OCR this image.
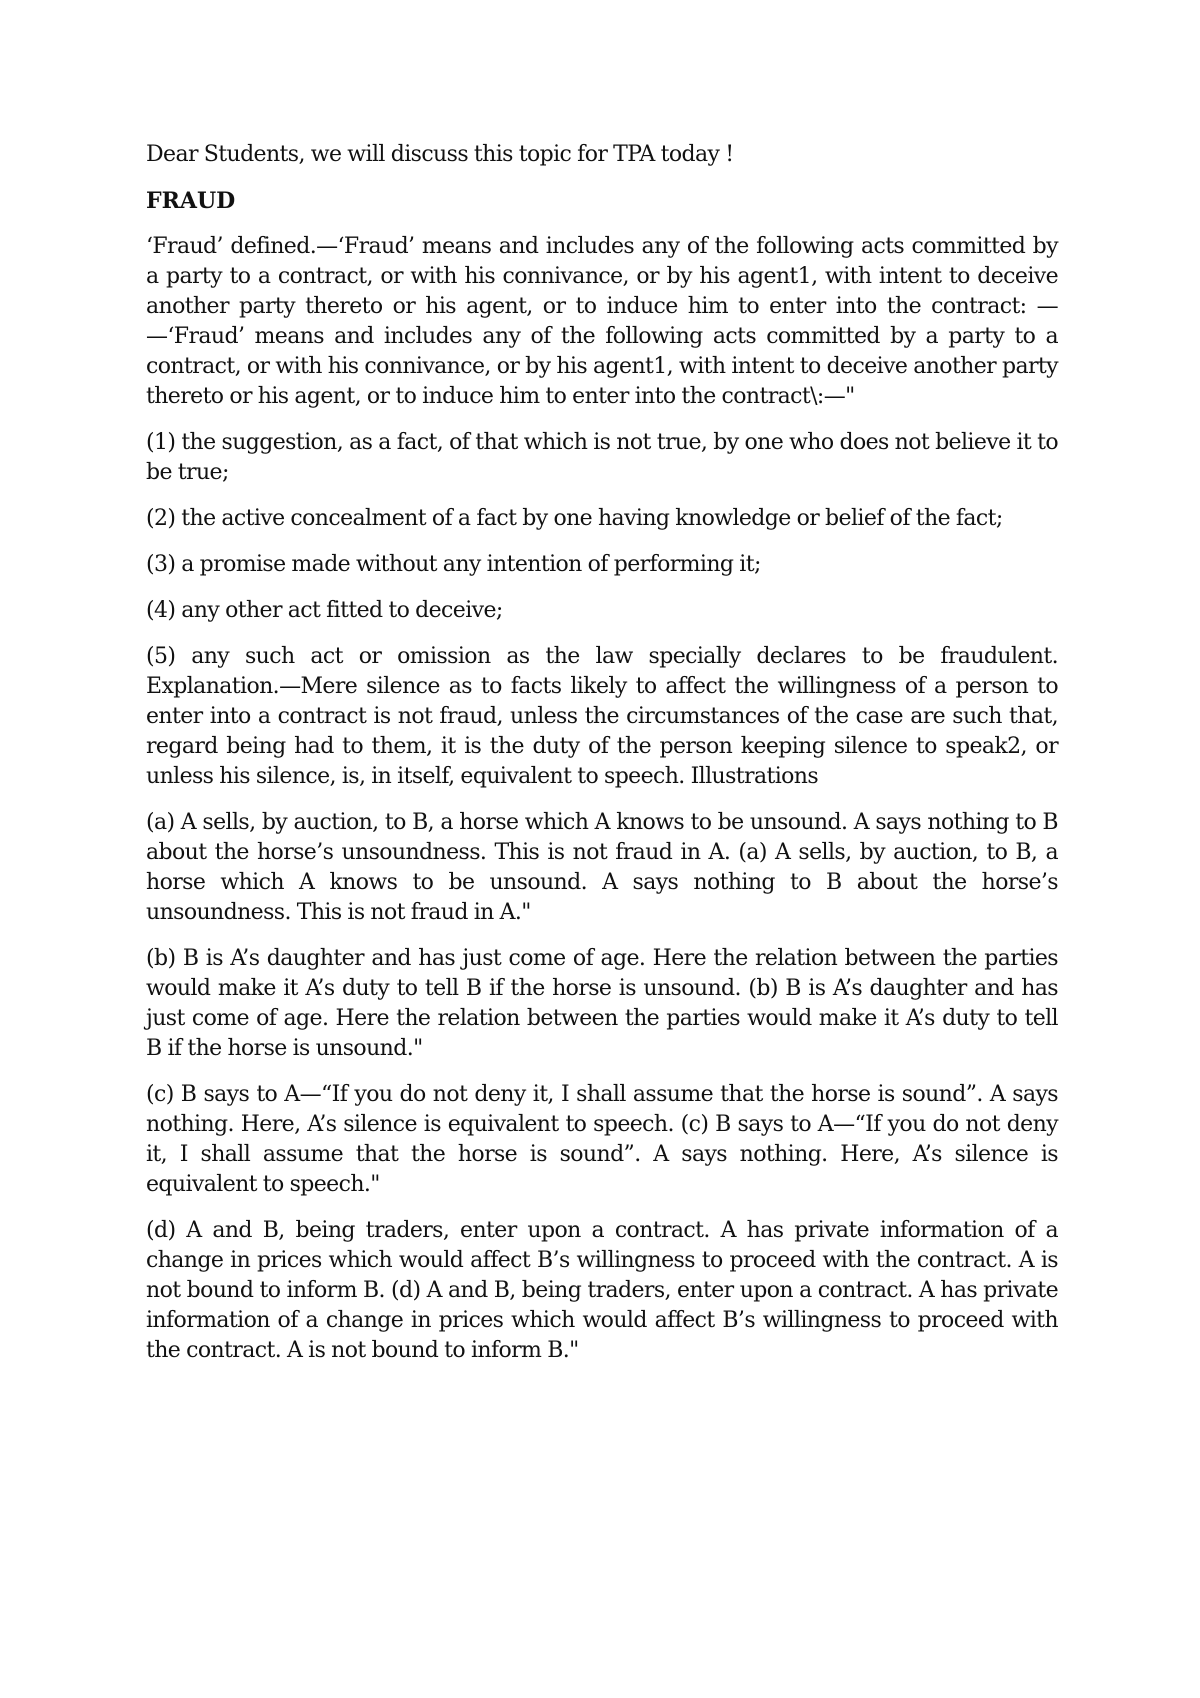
Dear Students, we will discuss this topic for TPA today !

FRAUD

‘Fraud’ defined.—‘Fraud’ means and includes any of the following acts committed by a party to a contract, or with his connivance, or by his agent1, with intent to deceive another party thereto or his agent, or to induce him to enter into the contract: — —‘Fraud’ means and includes any of the following acts committed by a party to a contract, or with his connivance, or by his agent1, with intent to deceive another party thereto or his agent, or to induce him to enter into the contract\:—"

(1) the suggestion, as a fact, of that which is not true, by one who does not believe it to be true;

(2) the active concealment of a fact by one having knowledge or belief of the fact;

(3) a promise made without any intention of performing it;

(4) any other act fitted to deceive;

(5) any such act or omission as the law specially declares to be fraudulent. Explanation.—Mere silence as to facts likely to affect the willingness of a person to enter into a contract is not fraud, unless the circumstances of the case are such that, regard being had to them, it is the duty of the person keeping silence to speak2, or unless his silence, is, in itself, equivalent to speech. Illustrations

(a) A sells, by auction, to B, a horse which A knows to be unsound. A says nothing to B about the horse’s unsoundness. This is not fraud in A. (a) A sells, by auction, to B, a horse which A knows to be unsound. A says nothing to B about the horse’s unsoundness. This is not fraud in A."

(b) B is A’s daughter and has just come of age. Here the relation between the parties would make it A’s duty to tell B if the horse is unsound. (b) B is A’s daughter and has just come of age. Here the relation between the parties would make it A’s duty to tell B if the horse is unsound."

(c) B says to A—“If you do not deny it, I shall assume that the horse is sound”. A says nothing. Here, A’s silence is equivalent to speech. (c) B says to A—“If you do not deny it, I shall assume that the horse is sound”. A says nothing. Here, A’s silence is equivalent to speech."

(d) A and B, being traders, enter upon a contract. A has private information of a change in prices which would affect B’s willingness to proceed with the contract. A is not bound to inform B. (d) A and B, being traders, enter upon a contract. A has private information of a change in prices which would affect B’s willingness to proceed with the contract. A is not bound to inform B."
